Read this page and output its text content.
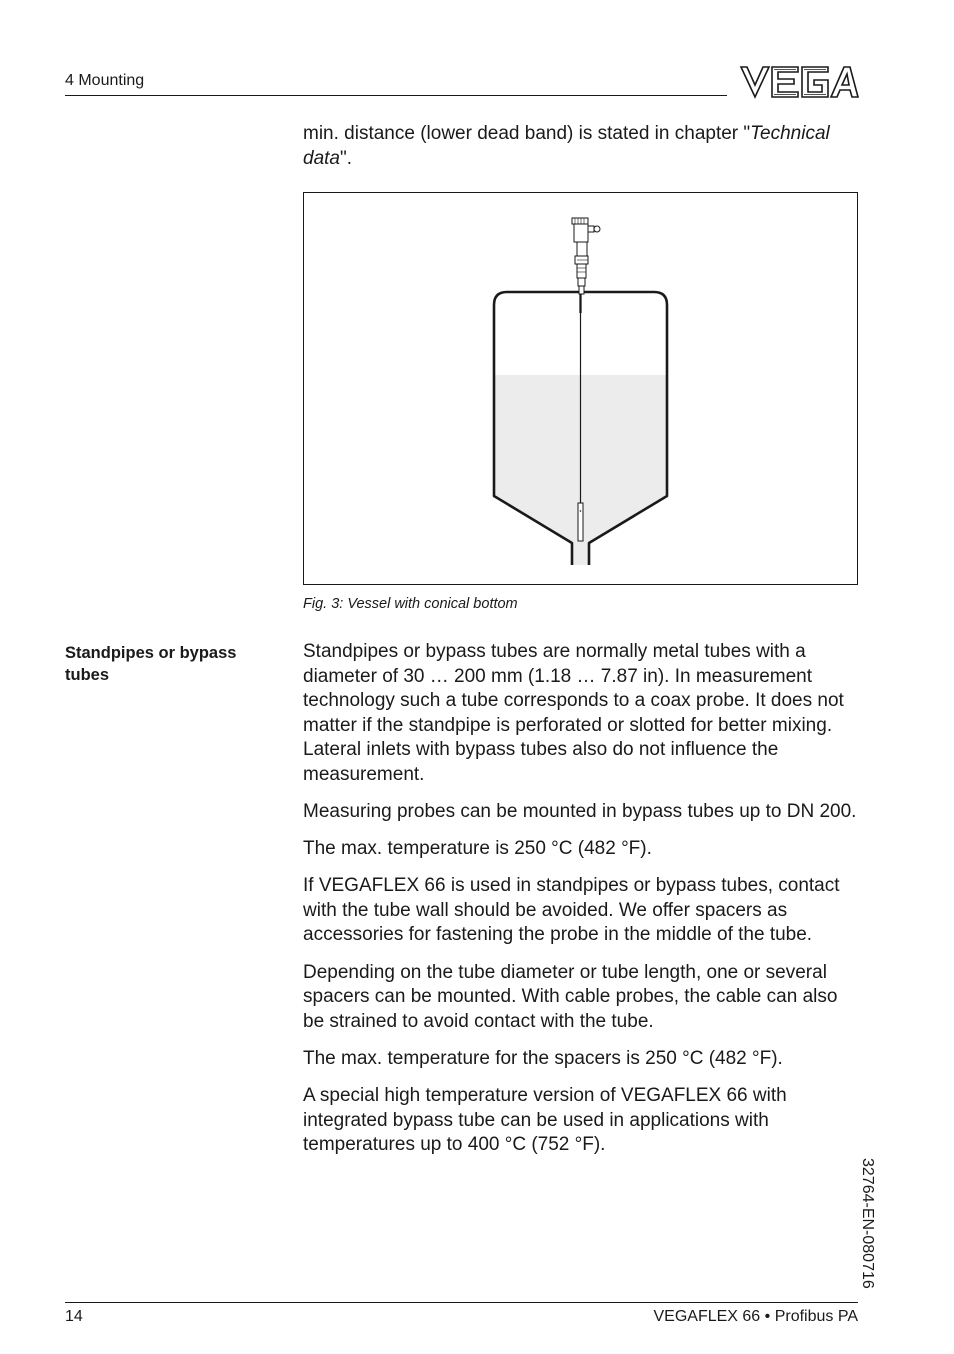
4 Mounting
min. distance (lower dead band) is stated in chapter "Technical data".
Fig. 3: Vessel with conical bottom
Standpipes or bypass tubes

Standpipes or bypass tubes are normally metal tubes with a diameter of 30 … 200 mm (1.18 … 7.87 in). In measurement technology such a tube corresponds to a coax probe. It does not matter if the standpipe is perforated or slotted for better mixing. Lateral inlets with bypass tubes also do not influence the measurement.

Measuring probes can be mounted in bypass tubes up to DN 200.

The max. temperature is 250 °C (482 °F).

If VEGAFLEX 66 is used in standpipes or bypass tubes, contact with the tube wall should be avoided. We offer spacers as accessories for fastening the probe in the middle of the tube.

Depending on the tube diameter or tube length, one or several spacers can be mounted. With cable probes, the cable can also be strained to avoid contact with the tube.

The max. temperature for the spacers is 250 °C (482 °F).

A special high temperature version of VEGAFLEX 66 with integrated bypass tube can be used in applications with temperatures up to 400 °C (752 °F).

32764-EN-080716
14	VEGAFLEX 66 • Profibus PA
